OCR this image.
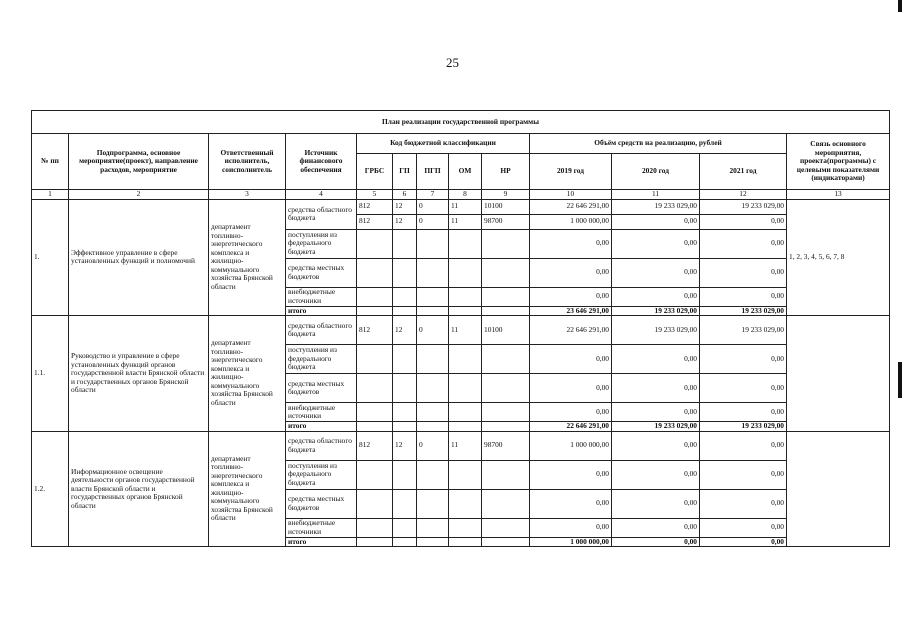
25
План реализации государственной программы												
№ пп	Подпрограмма, основное мероприятие(проект), направление расходов, мероприятие	Ответственный исполнитель, соисполнитель	Источник финансового обеспечения	Код бюджетной классификации					Объём средств на реализацию, рублей			Связь основного мероприятия, проекта(программы) с целевыми показателями (индикаторами)
				ГРБС	ГП	ПГП	ОМ	НР	2019 год	2020 год	2021 год	
1	2	3	4	5	6	7	8	9	10	11	12	13
1.	Эффективное управление в сфере установленных функций и полномочий	департамент топливно-энергетического комплекса и жилищно-коммунального хозяйства Брянской области	средства областного бюджета	812	12	0	11	10100	22 646 291,00	19 233 029,00	19 233 029,00	1, 2, 3, 4, 5, 6, 7, 8
				812	12	0	11	98700	1 000 000,00	0,00	0,00	
			поступления из федерального бюджета						0,00	0,00	0,00	
			средства местных бюджетов						0,00	0,00	0,00	
			внебюджетные источники						0,00	0,00	0,00	
			итого						23 646 291,00	19 233 029,00	19 233 029,00	
1.1.	Руководство и управление в сфере установленных функций органов государственной власти Брянской области и государственных органов Брянской области	департамент топливно-энергетического комплекса и жилищно-коммунального хозяйства Брянской области	средства областного бюджета	812	12	0	11	10100	22 646 291,00	19 233 029,00	19 233 029,00	
			поступления из федерального бюджета						0,00	0,00	0,00	
			средства местных бюджетов						0,00	0,00	0,00	
			внебюджетные источники						0,00	0,00	0,00	
			итого						22 646 291,00	19 233 029,00	19 233 029,00	
1.2.	Информационное освещение деятельности органов государственной власти Брянской области и государственных органов Брянской области	департамент топливно-энергетического комплекса и жилищно-коммунального хозяйства Брянской области	средства областного бюджета	812	12	0	11	98700	1 000 000,00	0,00	0,00	
			поступления из федерального бюджета						0,00	0,00	0,00	
			средства местных бюджетов						0,00	0,00	0,00	
			внебюджетные источники						0,00	0,00	0,00	
			итого						1 000 000,00	0,00	0,00	
